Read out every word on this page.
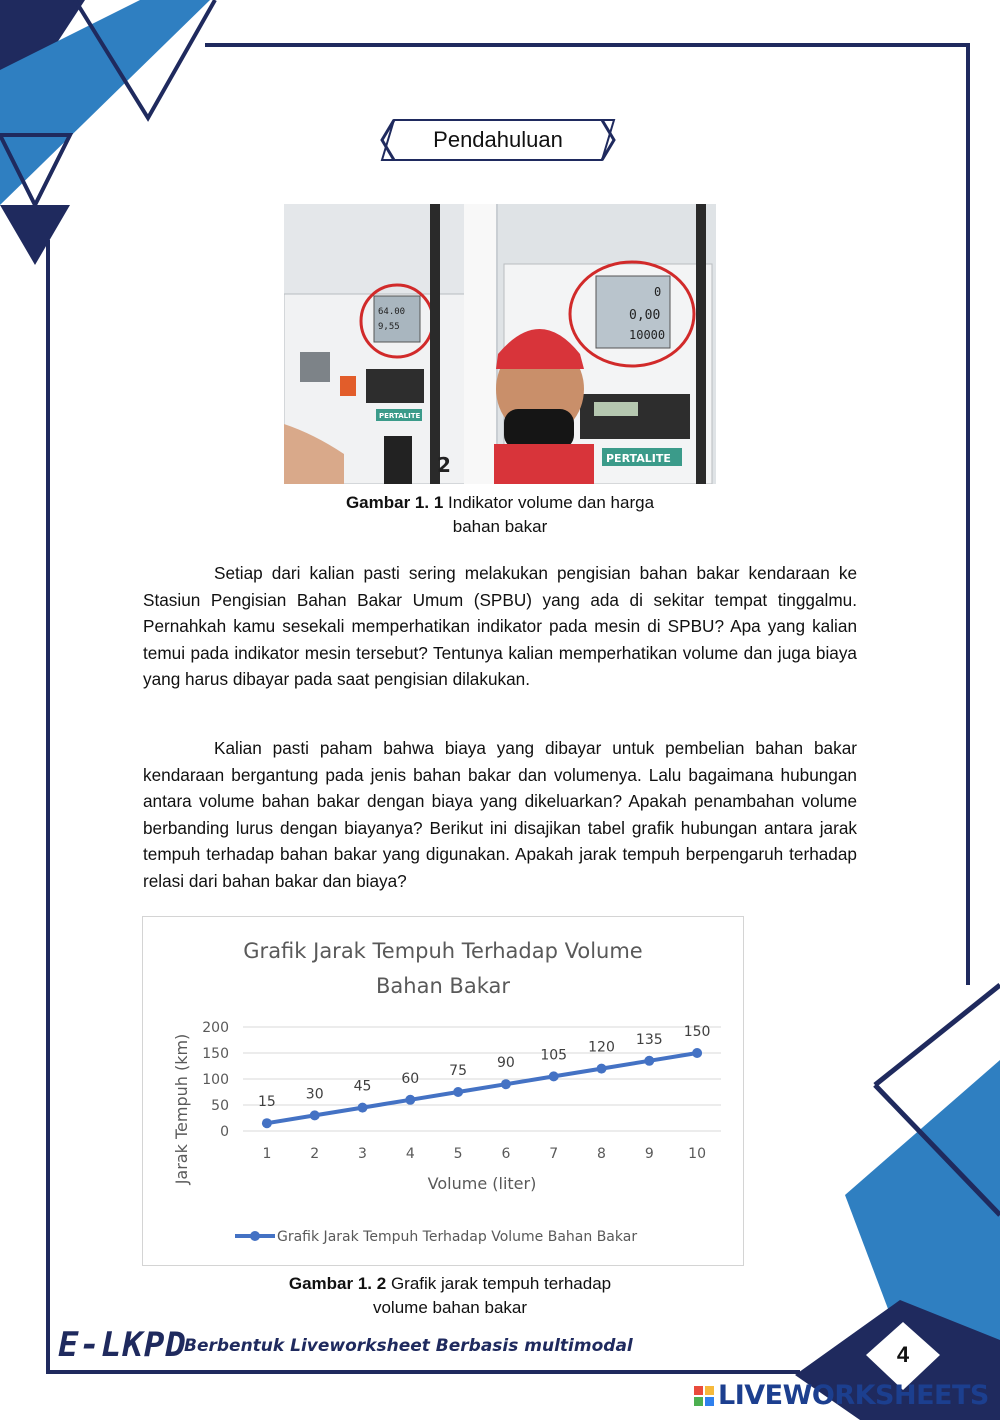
Pendahuluan
0
0,00
10000
64.00
9,55
PERTALITE
PERTALITE
2
Gambar 1. 1 Indikator volume dan harga
bahan bakar

Setiap dari kalian pasti sering melakukan pengisian bahan bakar kendaraan ke Stasiun Pengisian Bahan Bakar Umum (SPBU) yang ada di sekitar tempat tinggalmu. Pernahkah kamu sesekali memperhatikan indikator pada mesin di SPBU? Apa yang kalian temui pada indikator mesin tersebut? Tentunya kalian memperhatikan volume dan juga biaya yang harus dibayar pada saat pengisian dilakukan.

Kalian pasti paham bahwa biaya yang dibayar untuk pembelian bahan bakar kendaraan bergantung pada jenis bahan bakar dan volumenya. Lalu bagaimana hubungan antara volume bahan bakar dengan biaya yang dikeluarkan? Apakah penambahan volume berbanding lurus dengan biayanya? Berikut ini disajikan tabel grafik hubungan antara jarak tempuh terhadap bahan bakar yang digunakan. Apakah jarak tempuh berpengaruh terhadap relasi dari bahan bakar dan biaya?

Grafik Jarak Tempuh Terhadap Volume
Bahan Bakar
0
50
100
150
200
1	2	3	4	5	6	7	8	9 10
Volume (liter)
Jarak Tempuh (km)	15 30 45 60 75 90 105 120 135 150
Grafik Jarak Tempuh Terhadap Volume Bahan Bakar
Gambar 1. 2 Grafik jarak tempuh terhadap
volume bahan bakar
E-LKPD
Berbentuk Liveworksheet Berbasis multimodal	4
LIVEWORKSHEETS
